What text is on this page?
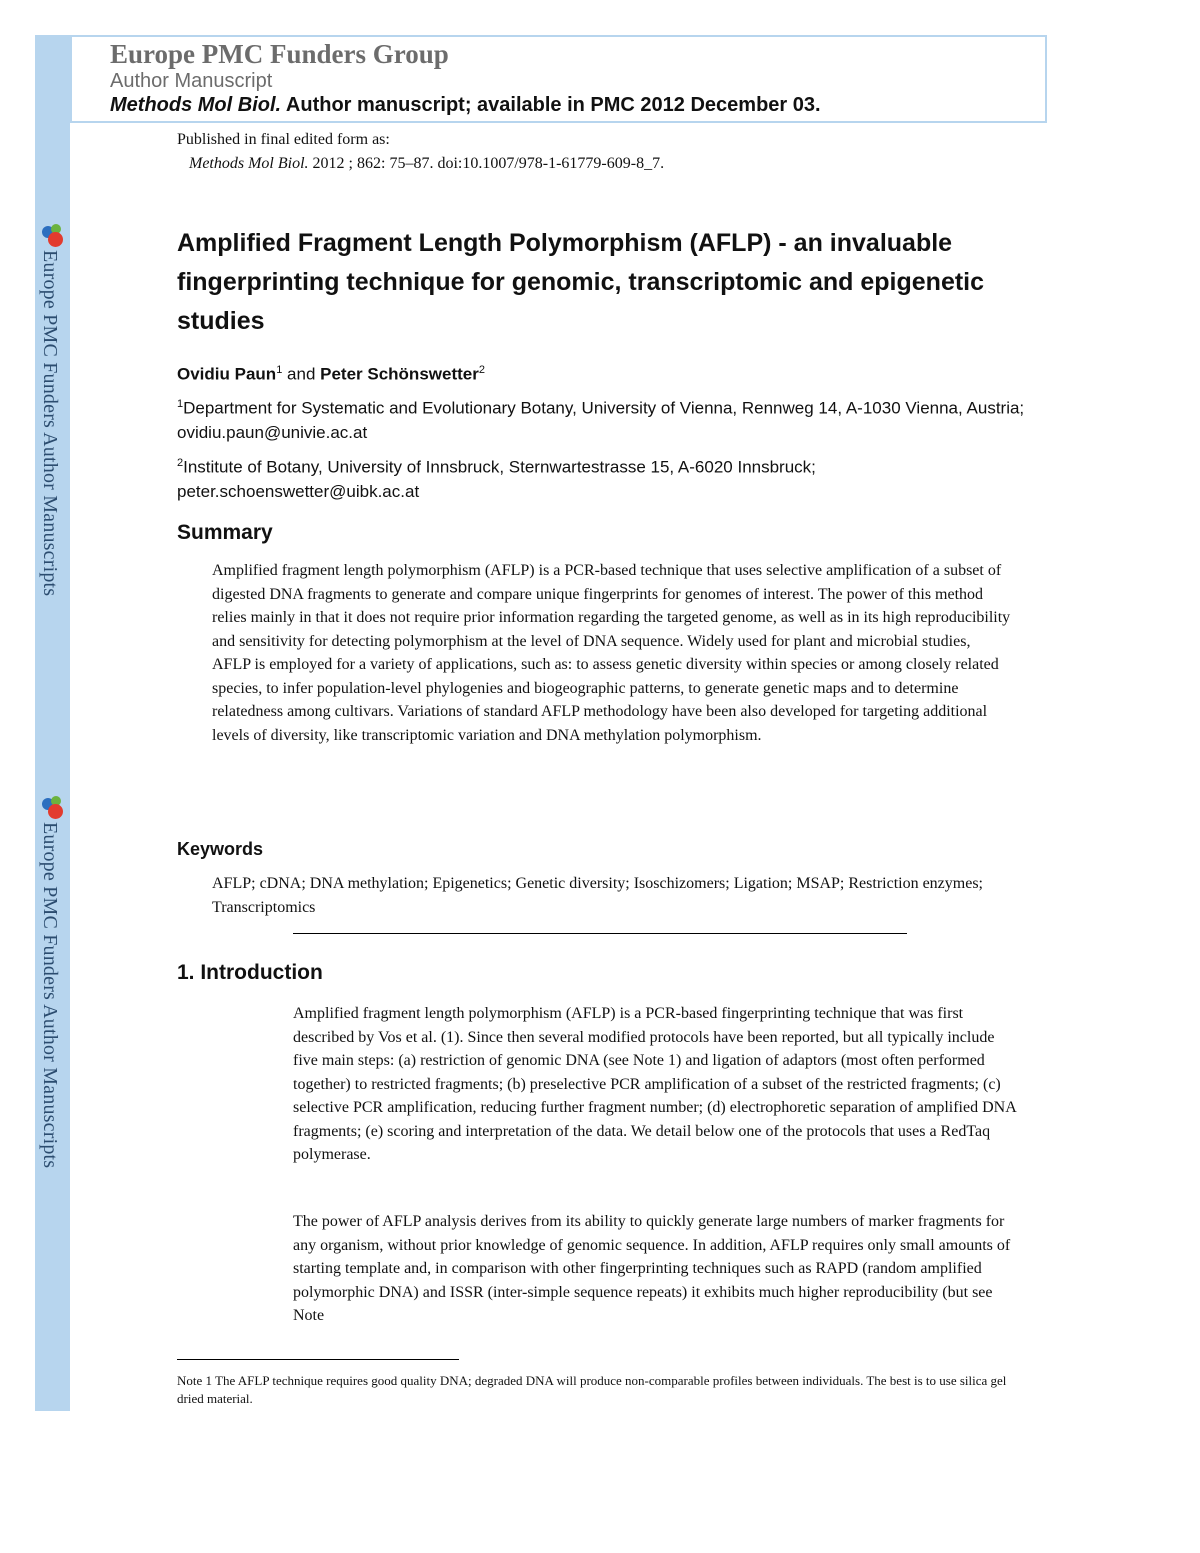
Europe PMC Funders Group
Author Manuscript
Methods Mol Biol. Author manuscript; available in PMC 2012 December 03.
Europe PMC Funders Author Manuscripts
Europe PMC Funders Author Manuscripts
Published in final edited form as:
Methods Mol Biol. 2012 ; 862: 75–87. doi:10.1007/978-1-61779-609-8_7.
Amplified Fragment Length Polymorphism (AFLP) - an invaluable fingerprinting technique for genomic, transcriptomic and epigenetic studies
Ovidiu Paun$^1$ and Peter Schönswetter$^2$
$^1$Department for Systematic and Evolutionary Botany, University of Vienna, Rennweg 14, A-1030 Vienna, Austria; ovidiu.paun@univie.ac.at
$^2$Institute of Botany, University of Innsbruck, Sternwartestrasse 15, A-6020 Innsbruck; peter.schoenswetter@uibk.ac.at
Summary

Amplified fragment length polymorphism (AFLP) is a PCR-based technique that uses selective amplification of a subset of digested DNA fragments to generate and compare unique fingerprints for genomes of interest. The power of this method relies mainly in that it does not require prior information regarding the targeted genome, as well as in its high reproducibility and sensitivity for detecting polymorphism at the level of DNA sequence. Widely used for plant and microbial studies, AFLP is employed for a variety of applications, such as: to assess genetic diversity within species or among closely related species, to infer population-level phylogenies and biogeographic patterns, to generate genetic maps and to determine relatedness among cultivars. Variations of standard AFLP methodology have been also developed for targeting additional levels of diversity, like transcriptomic variation and DNA methylation polymorphism.

Keywords

AFLP; cDNA; DNA methylation; Epigenetics; Genetic diversity; Isoschizomers; Ligation; MSAP; Restriction enzymes; Transcriptomics

1. Introduction

Amplified fragment length polymorphism (AFLP) is a PCR-based fingerprinting technique that was first described by Vos et al. (1). Since then several modified protocols have been reported, but all typically include five main steps: (a) restriction of genomic DNA (see Note 1) and ligation of adaptors (most often performed together) to restricted fragments; (b) preselective PCR amplification of a subset of the restricted fragments; (c) selective PCR amplification, reducing further fragment number; (d) electrophoretic separation of amplified DNA fragments; (e) scoring and interpretation of the data. We detail below one of the protocols that uses a RedTaq polymerase.

The power of AFLP analysis derives from its ability to quickly generate large numbers of marker fragments for any organism, without prior knowledge of genomic sequence. In addition, AFLP requires only small amounts of starting template and, in comparison with other fingerprinting techniques such as RAPD (random amplified polymorphic DNA) and ISSR (inter-simple sequence repeats) it exhibits much higher reproducibility (but see Note

Note 1 The AFLP technique requires good quality DNA; degraded DNA will produce non-comparable profiles between individuals. The best is to use silica gel dried material.
